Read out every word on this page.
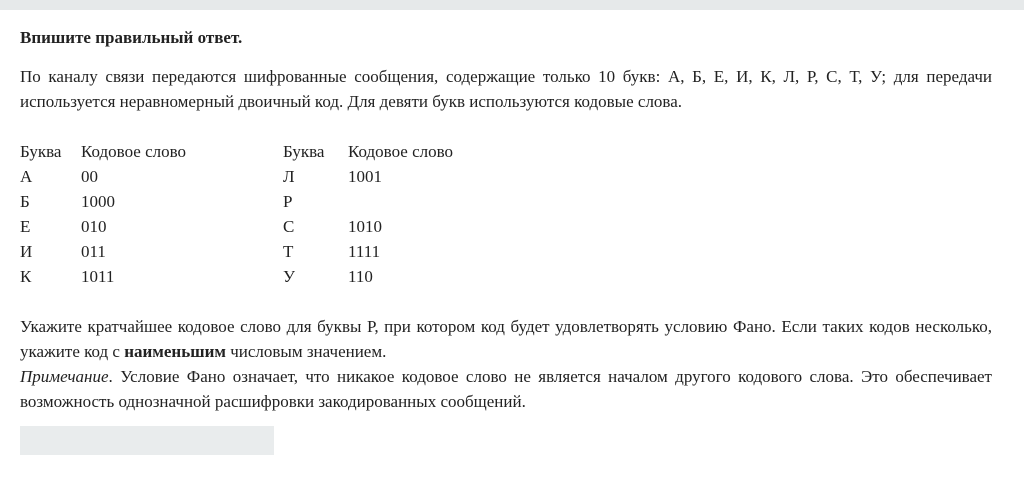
Впишите правильный ответ.

По каналу связи передаются шифрованные сообщения, содержащие только 10 букв: А, Б, Е, И, К, Л, Р, С, Т, У; для передачи используется неравномерный двоичный код. Для девяти букв используются кодовые слова.

Буква	Кодовое слово
А	00
Б	1000
Е	010
И	011
К	1011
Буква	Кодовое слово
Л	1001
Р	
С	1010
Т	1111
У	110

Укажите кратчайшее кодовое слово для буквы Р, при котором код будет удовлетворять условию Фано. Если таких кодов несколько, укажите код с наименьшим числовым значением.

Примечание. Условие Фано означает, что никакое кодовое слово не является началом другого кодового слова. Это обеспечивает возможность однозначной расшифровки закодированных сообщений.
